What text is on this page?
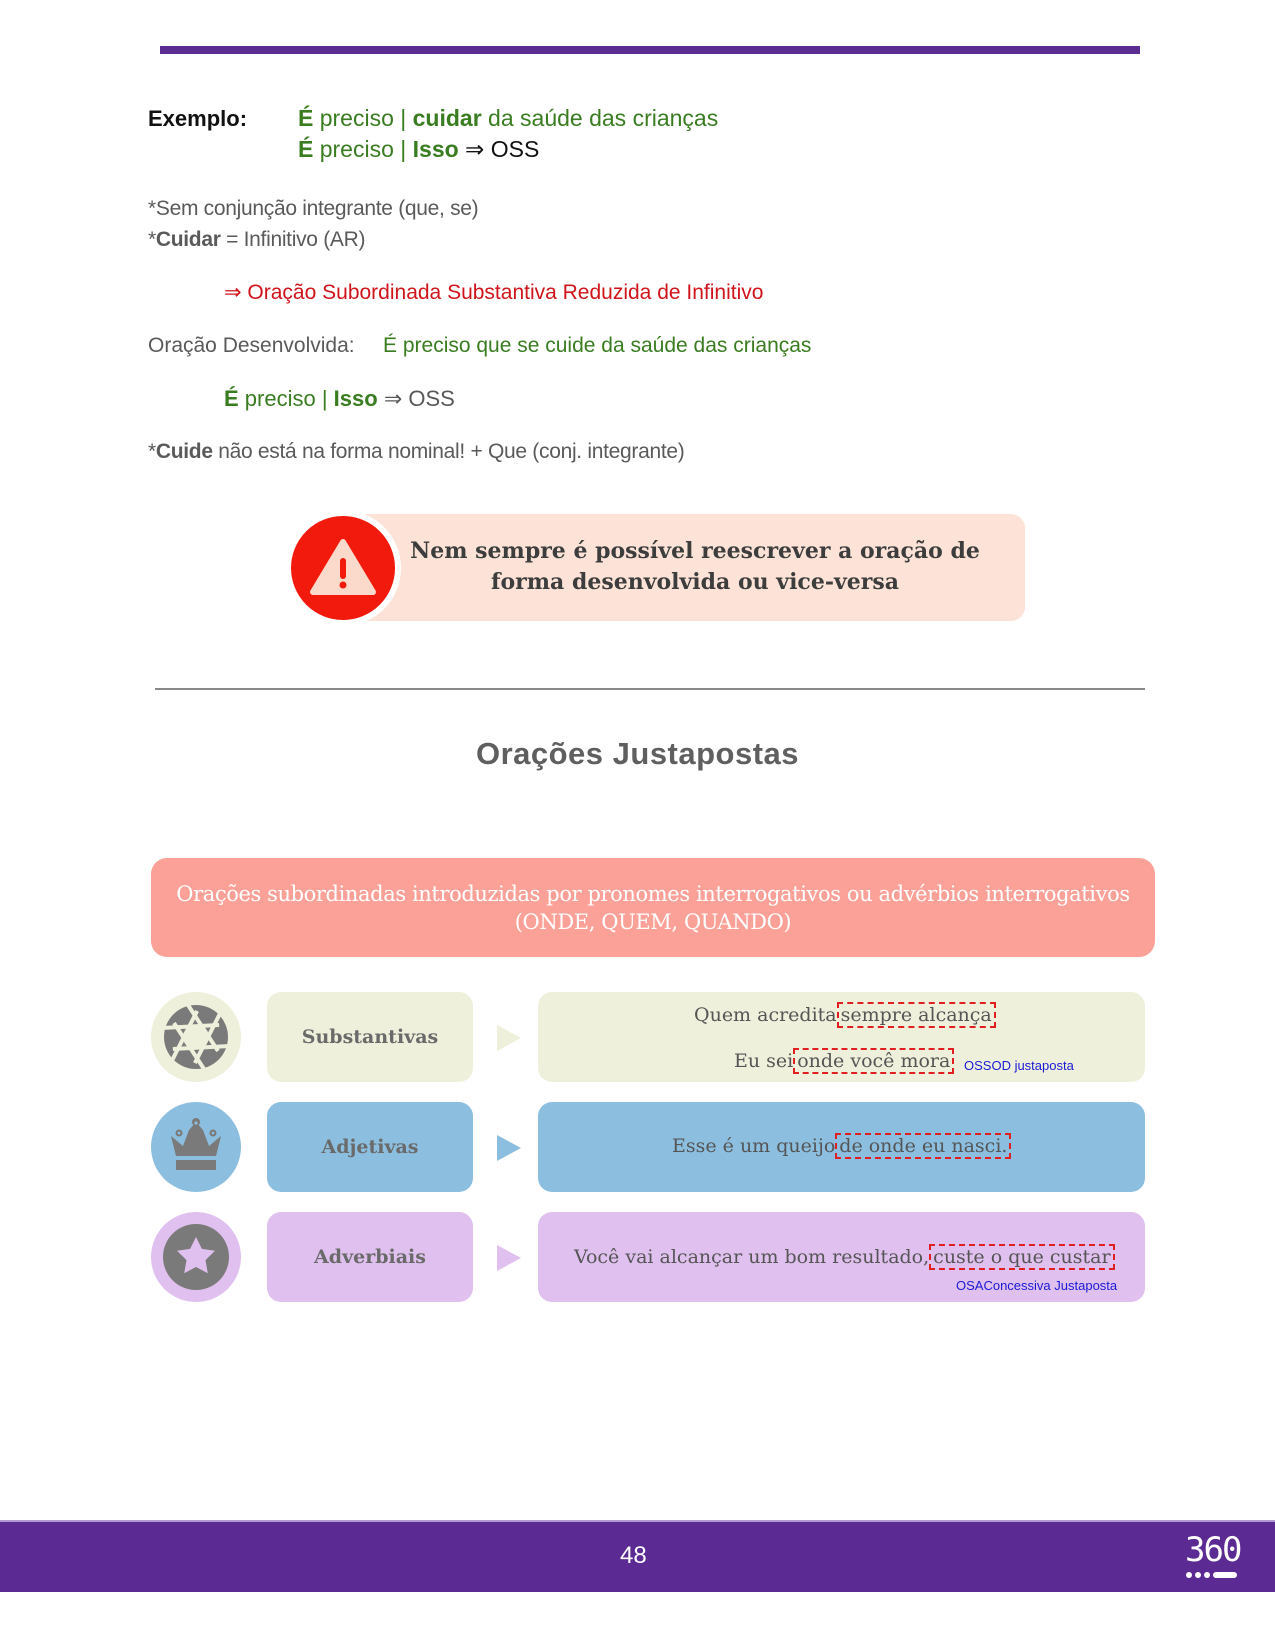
Exemplo: É preciso | cuidar da saúde das crianças
É preciso | Isso ⇒ OSS
*Sem conjunção integrante (que, se)
*Cuidar = Infinitivo (AR)
⇒ Oração Subordinada Substantiva Reduzida de Infinitivo
Oração Desenvolvida: É preciso que se cuide da saúde das crianças
É preciso | Isso ⇒ OSS
*Cuide não está na forma nominal! + Que (conj. integrante)
Nem sempre é possível reescrever a oração de forma desenvolvida ou vice-versa
Orações Justapostas
Orações subordinadas introduzidas por pronomes interrogativos ou advérbios interrogativos (ONDE, QUEM, QUANDO)
Substantivas
Quem acredita sempre alcança
Eu sei onde você mora	OSSOD justaposta
Adjetivas	Esse é um queijo de onde eu nasci.
Adverbiais	Você vai alcançar um bom resultado, custe o que custar
OSAConcessiva Justaposta
48	360
